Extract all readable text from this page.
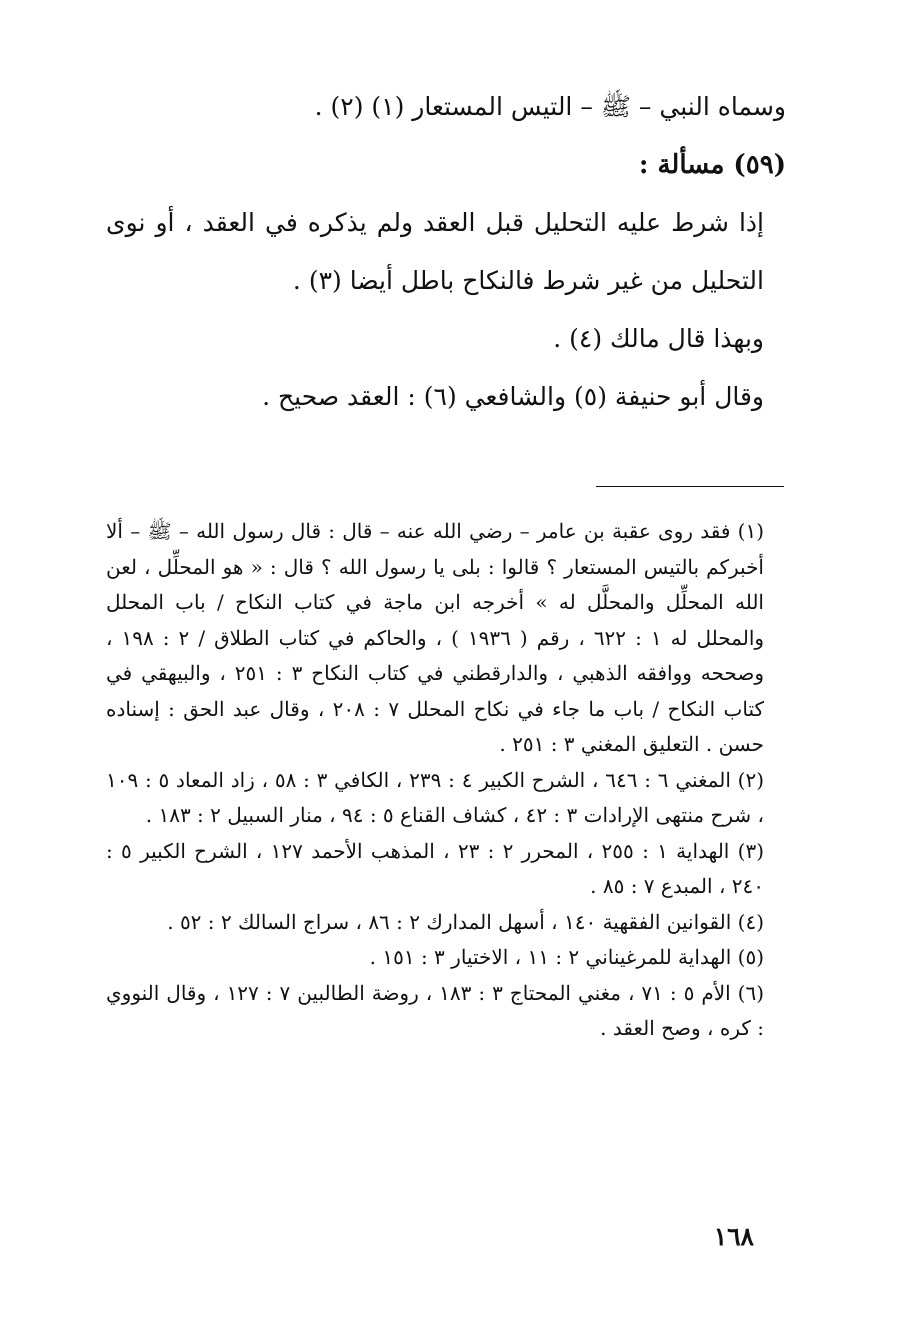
وسماه النبي – ﷺ – التيس المستعار (١) (٢) .

(٥٩) مسألة :

إذا شرط عليه التحليل قبل العقد ولم يذكره في العقد ، أو نوى التحليل من غير شرط فالنكاح باطل أيضا (٣) .

وبهذا قال مالك (٤) .

وقال أبو حنيفة (٥) والشافعي (٦) : العقد صحيح .

(١) فقد روى عقبة بن عامر – رضي الله عنه – قال : قال رسول الله – ﷺ – ألا أخبركم بالتيس المستعار ؟ قالوا : بلى يا رسول الله ؟ قال : « هو المحلِّل ، لعن الله المحلِّل والمحلَّل له » أخرجه ابن ماجة في كتاب النكاح / باب المحلل والمحلل له ١ : ٦٢٢ ، رقم ( ١٩٣٦ ) ، والحاكم في كتاب الطلاق / ٢ : ١٩٨ ، وصححه ووافقه الذهبي ، والدارقطني في كتاب النكاح ٣ : ٢٥١ ، والبيهقي في كتاب النكاح / باب ما جاء في نكاح المحلل ٧ : ٢٠٨ ، وقال عبد الحق : إسناده حسن . التعليق المغني ٣ : ٢٥١ .

(٢) المغني ٦ : ٦٤٦ ، الشرح الكبير ٤ : ٢٣٩ ، الكافي ٣ : ٥٨ ، زاد المعاد ٥ : ١٠٩ ، شرح منتهى الإرادات ٣ : ٤٢ ، كشاف القناع ٥ : ٩٤ ، منار السبيل ٢ : ١٨٣ .

(٣) الهداية ١ : ٢٥٥ ، المحرر ٢ : ٢٣ ، المذهب الأحمد ١٢٧ ، الشرح الكبير ٥ : ٢٤٠ ، المبدع ٧ : ٨٥ .

(٤) القوانين الفقهية ١٤٠ ، أسهل المدارك ٢ : ٨٦ ، سراج السالك ٢ : ٥٢ .

(٥) الهداية للمرغيناني ٢ : ١١ ، الاختيار ٣ : ١٥١ .

(٦) الأم ٥ : ٧١ ، مغني المحتاج ٣ : ١٨٣ ، روضة الطالبين ٧ : ١٢٧ ، وقال النووي : كره ، وصح العقد .

١٦٨
